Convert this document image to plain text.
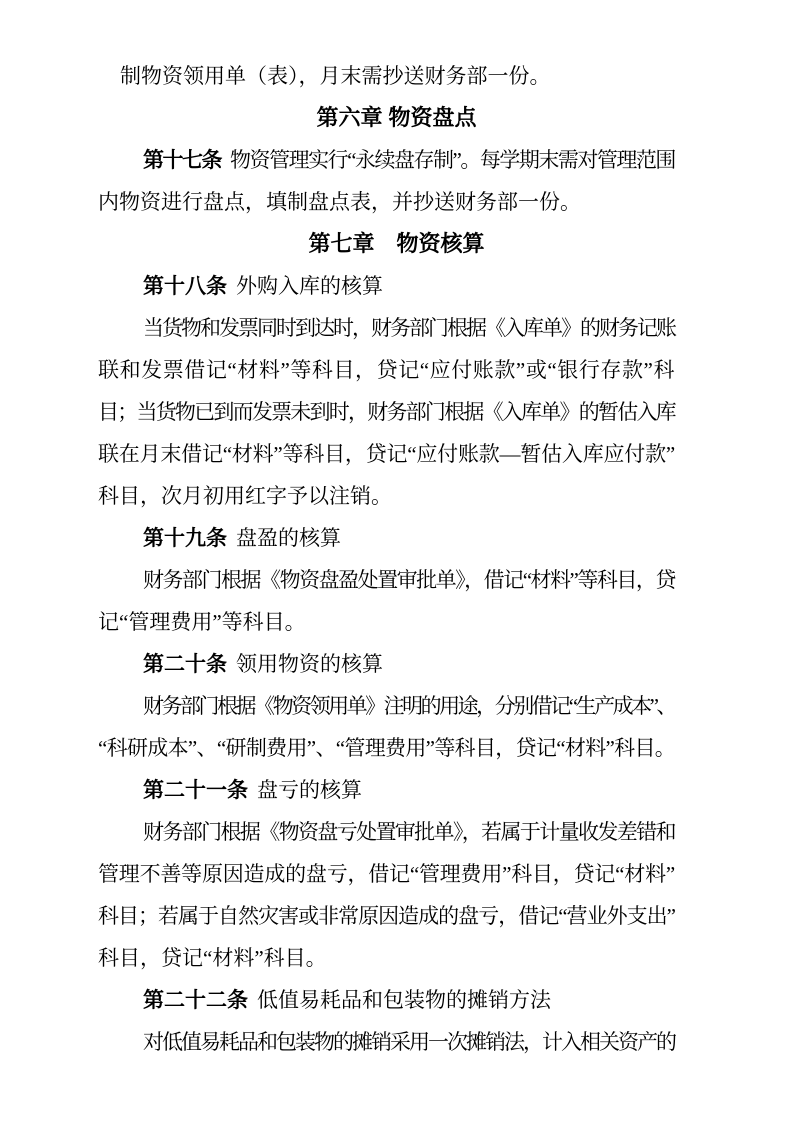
制物资领用单（表），月末需抄送财务部一份。
第六章 物资盘点
第十七条 物资管理实行“永续盘存制”。每学期末需对管理范围
内物资进行盘点，填制盘点表，并抄送财务部一份。
第七章　物资核算
第十八条 外购入库的核算
当货物和发票同时到达时，财务部门根据《入库单》的财务记账
联和发票借记“材料”等科目，贷记“应付账款”或“银行存款”科
目；当货物已到而发票未到时，财务部门根据《入库单》的暂估入库
联在月末借记“材料”等科目，贷记“应付账款—暂估入库应付款”
科目，次月初用红字予以注销。
第十九条 盘盈的核算
财务部门根据《物资盘盈处置审批单》，借记“材料”等科目，贷
记“管理费用”等科目。
第二十条 领用物资的核算
财务部门根据《物资领用单》注明的用途，分别借记“生产成本”、
“科研成本”、“研制费用”、“管理费用”等科目，贷记“材料”科目。
第二十一条 盘亏的核算
财务部门根据《物资盘亏处置审批单》，若属于计量收发差错和
管理不善等原因造成的盘亏，借记“管理费用”科目，贷记“材料”
科目；若属于自然灾害或非常原因造成的盘亏，借记“营业外支出”
科目，贷记“材料”科目。
第二十二条 低值易耗品和包装物的摊销方法
对低值易耗品和包装物的摊销采用一次摊销法，计入相关资产的
